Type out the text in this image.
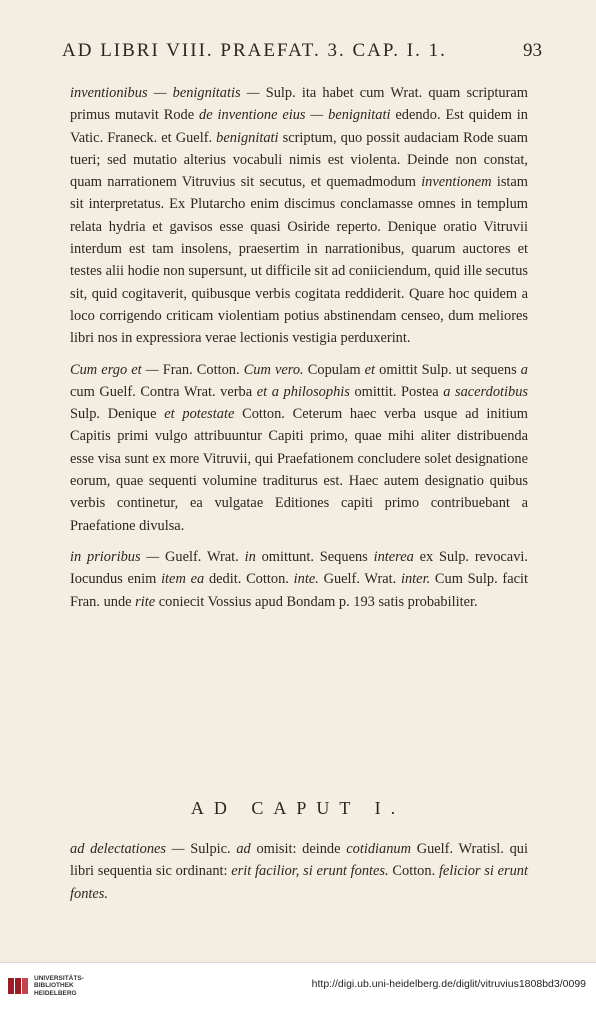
AD LIBRI VIII. PRAEFAT. 3. CAP. I. 1.	93

inventionibus — benignitatis — Sulp. ita habet cum Wrat. quam scripturam primus mutavit Rode de inventione eius — benignitati edendo. Est quidem in Vatic. Franeck. et Guelf. benignitati scriptum, quo possit audaciam Rode suam tueri; sed mutatio alterius vocabuli nimis est violenta. Deinde non constat, quam narrationem Vitruvius sit secutus, et quemadmodum inventionem istam sit interpretatus. Ex Plutarcho enim discimus conclamasse omnes in templum relata hydria et gavisos esse quasi Osiride reperto. Denique oratio Vitruvii interdum est tam insolens, praesertim in narrationibus, quarum auctores et testes alii hodie non supersunt, ut difficile sit ad coniiciendum, quid ille secutus sit, quid cogitaverit, quibusque verbis cogitata reddiderit. Quare hoc quidem a loco corrigendo criticam violentiam potius abstinendam censeo, dum meliores libri nos in expressiora verae lectionis vestigia perduxerint.

Cum ergo et — Fran. Cotton. Cum vero. Copulam et omittit Sulp. ut sequens a cum Guelf. Contra Wrat. verba et a philosophis omittit. Postea a sacerdotibus Sulp. Denique et potestate Cotton. Ceterum haec verba usque ad initium Capitis primi vulgo attribuuntur Capiti primo, quae mihi aliter distribuenda esse visa sunt ex more Vitruvii, qui Praefationem concludere solet designatione eorum, quae sequenti volumine traditurus est. Haec autem designatio quibus verbis continetur, ea vulgatae Editiones capiti primo contribuebant a Praefatione divulsa.

in prioribus — Guelf. Wrat. in omittunt. Sequens interea ex Sulp. revocavi. Iocundus enim item ea dedit. Cotton. inte. Guelf. Wrat. inter. Cum Sulp. facit Fran. unde rite coniecit Vossius apud Bondam p. 193 satis probabiliter.

AD CAPUT I.

ad delectationes — Sulpic. ad omisit: deinde cotidianum Guelf. Wratisl. qui libri sequentia sic ordinant: erit facilior, si erunt fontes. Cotton. felicior si erunt fontes.

UNIVERSITÄTS-
BIBLIOTHEK
HEIDELBERG
http://digi.ub.uni-heidelberg.de/diglit/vitruvius1808bd3/0099
